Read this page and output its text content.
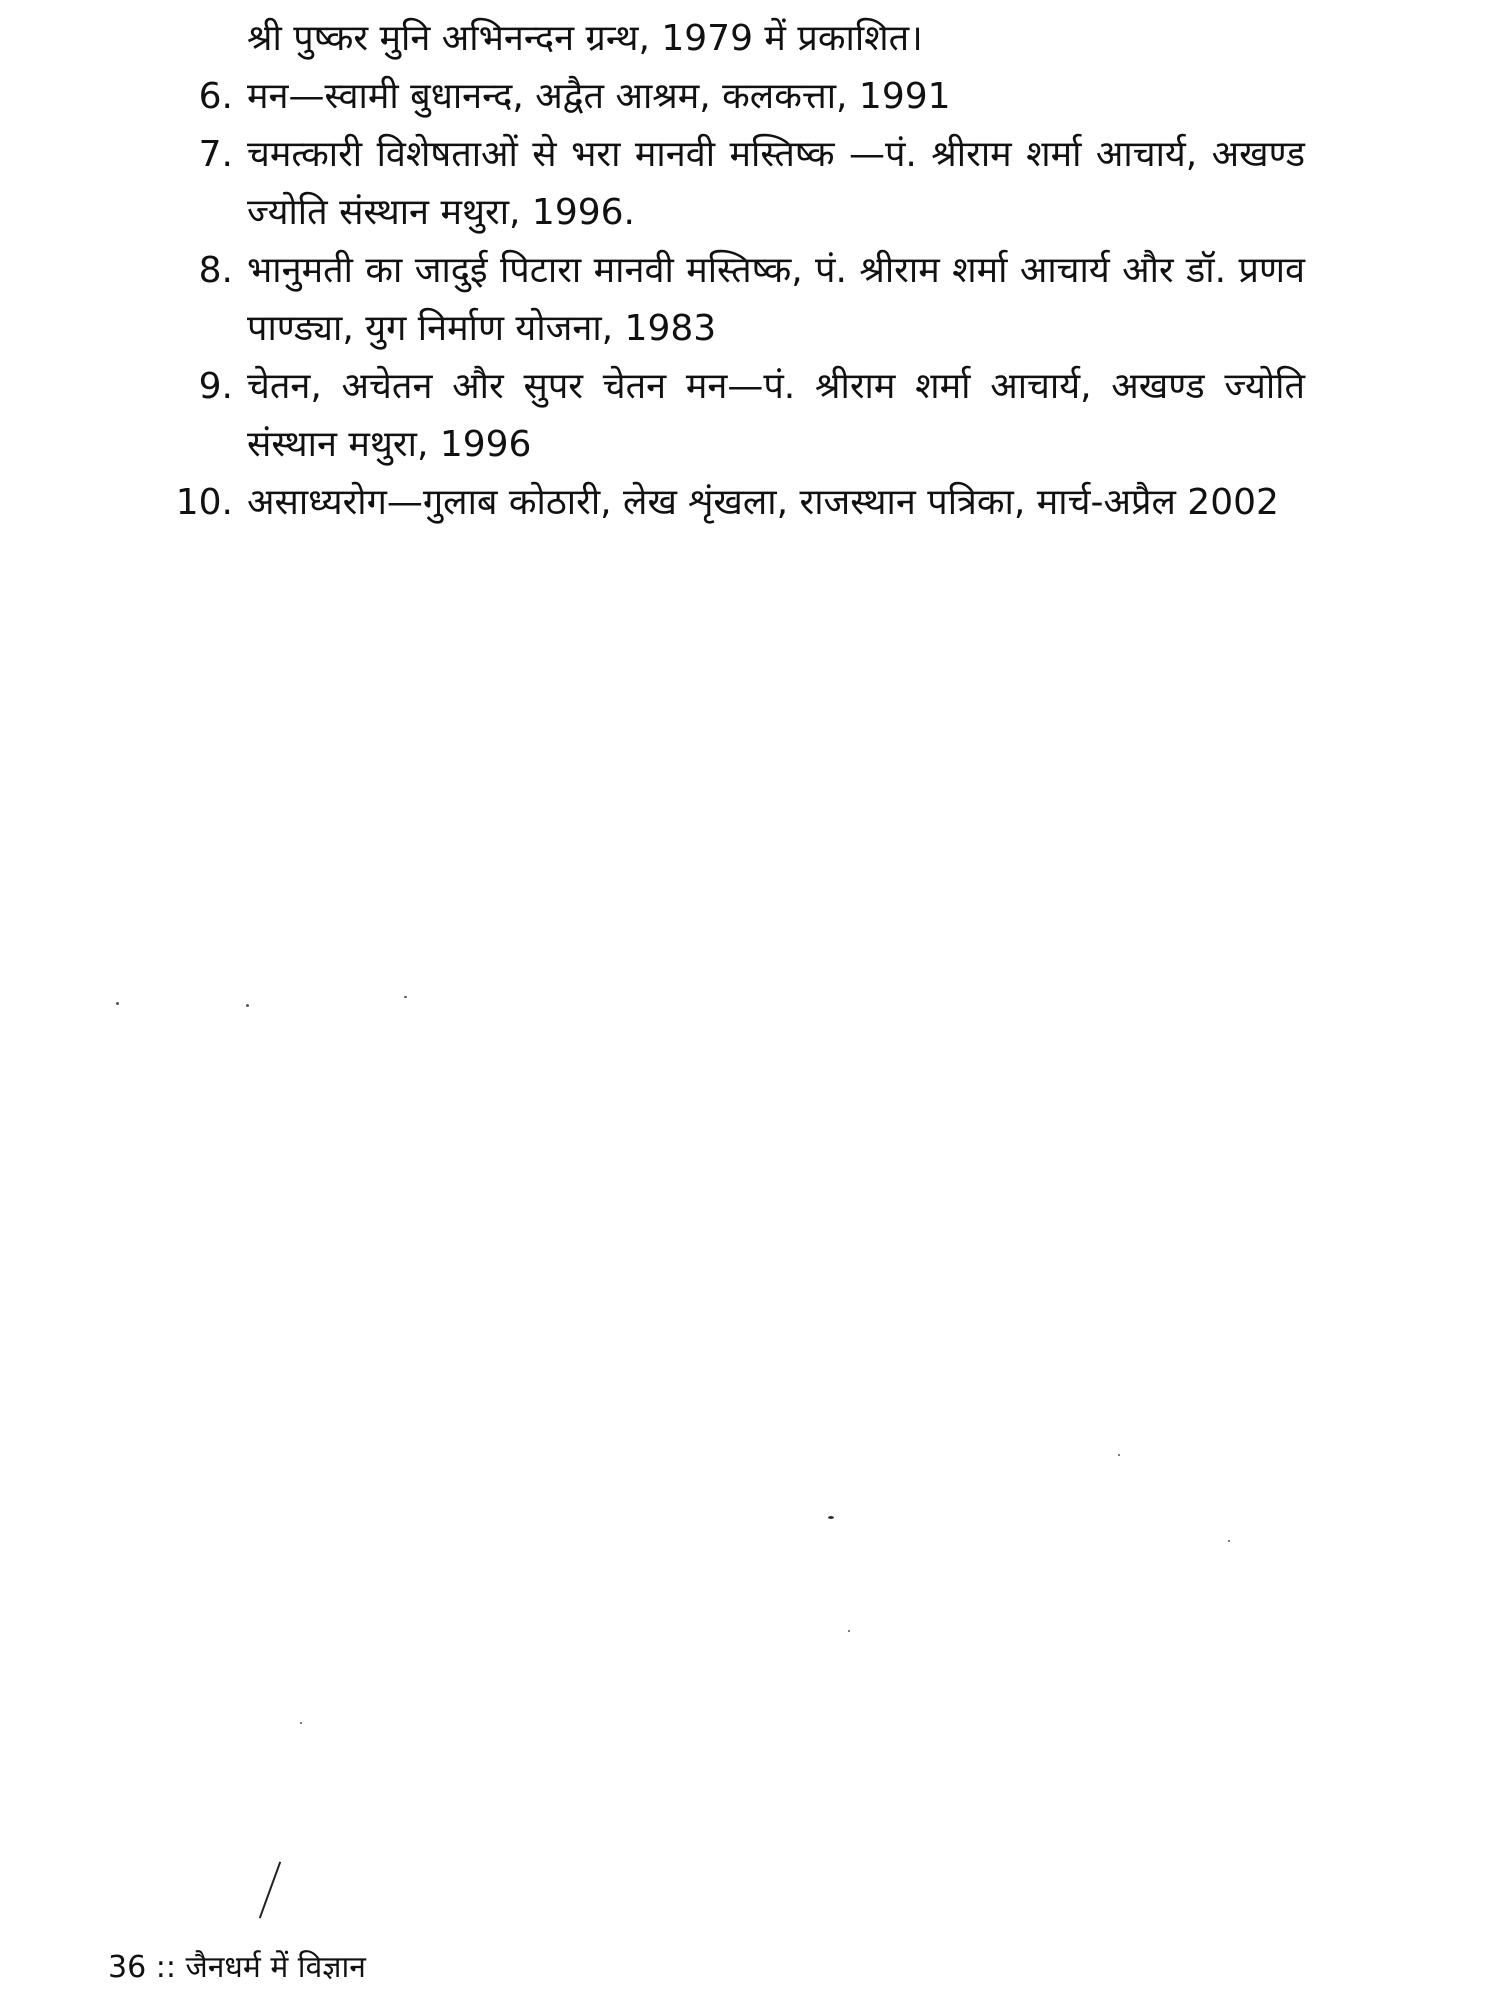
श्री पुष्कर मुनि अभिनन्दन ग्रन्थ, 1979 में प्रकाशित।
6. मन—स्वामी बुधानन्द, अद्वैत आश्रम, कलकत्ता, 1991
7. चमत्कारी विशेषताओं से भरा मानवी मस्तिष्क —पं. श्रीराम शर्मा आचार्य, अखण्ड ज्योति संस्थान मथुरा, 1996.
8. भानुमती का जादुई पिटारा मानवी मस्तिष्क, पं. श्रीराम शर्मा आचार्य और डॉ. प्रणव पाण्ड्या, युग निर्माण योजना, 1983
9. चेतन, अचेतन और सुपर चेतन मन—पं. श्रीराम शर्मा आचार्य, अखण्ड ज्योति संस्थान मथुरा, 1996
10. असाध्यरोग—गुलाब कोठारी, लेख शृंखला, राजस्थान पत्रिका, मार्च-अप्रैल 2002
36 :: जैनधर्म में विज्ञान
